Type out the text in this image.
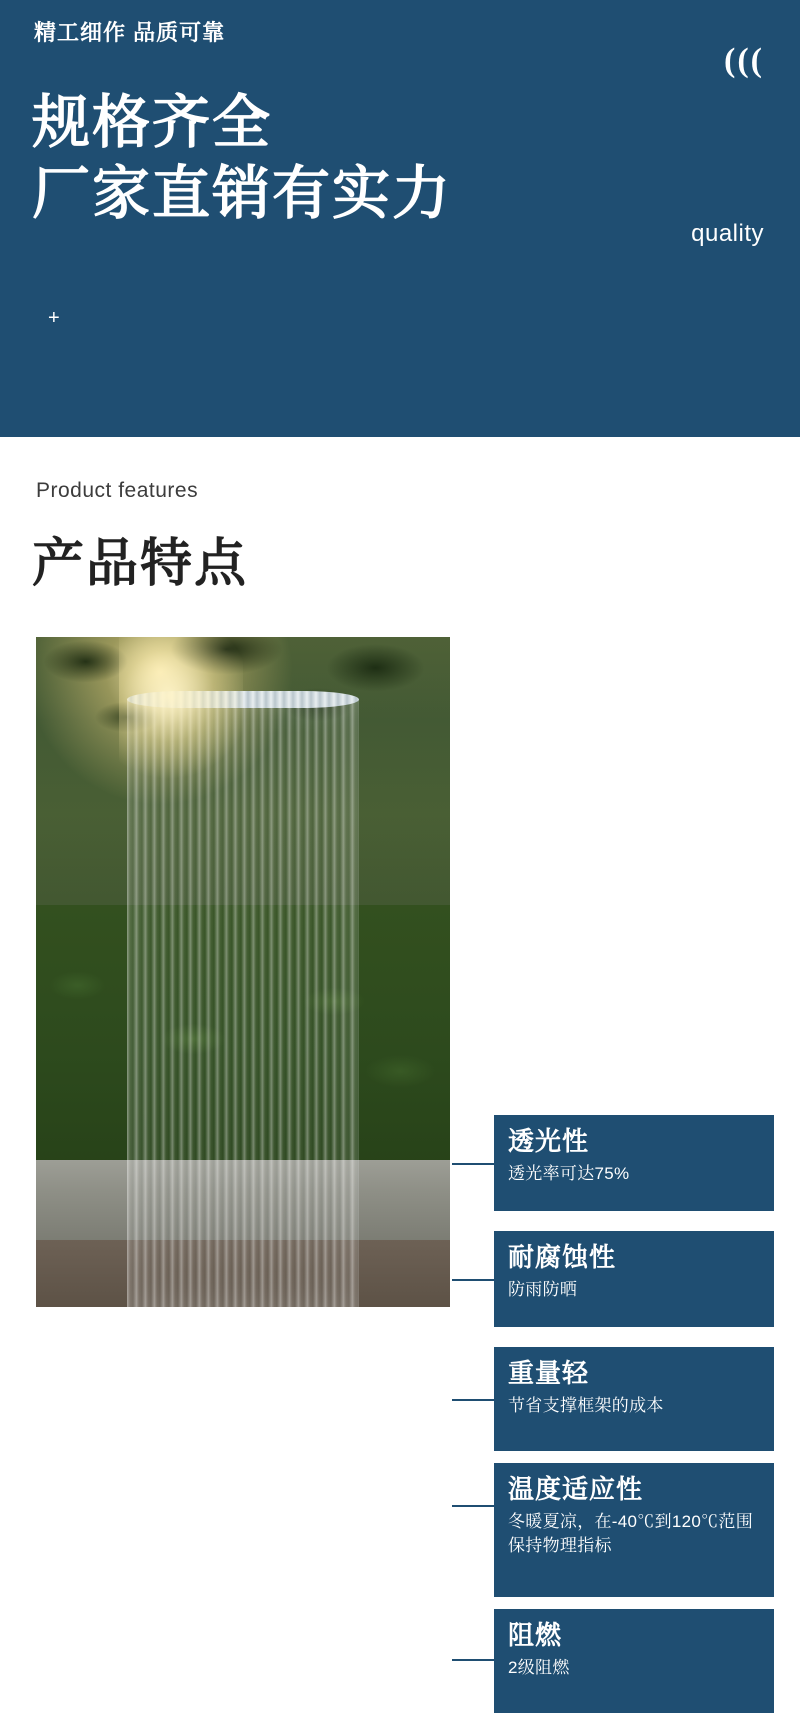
精工细作 品质可靠
(((
规格齐全
厂家直销有实力
+
quality
Product features
产品特点
透光性
透光率可达75%
耐腐蚀性
防雨防晒
重量轻
节省支撑框架的成本
温度适应性
冬暖夏凉，在-40℃到120℃范围保持物理指标
阻燃
2级阻燃
